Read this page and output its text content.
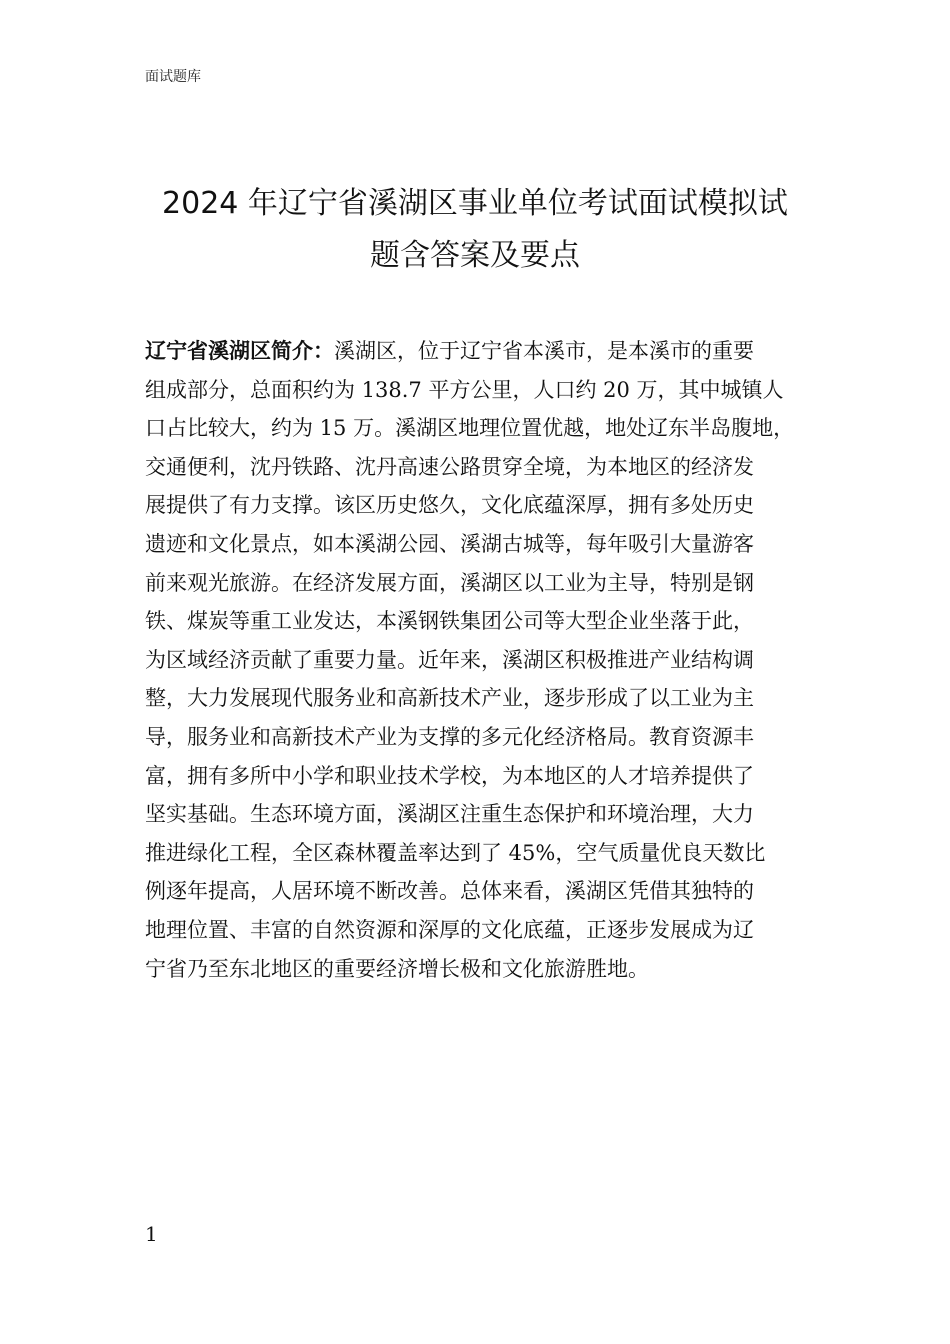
面试题库
2024 年辽宁省溪湖区事业单位考试面试模拟试
题含答案及要点
辽宁省溪湖区简介：溪湖区，位于辽宁省本溪市，是本溪市的重要
组成部分，总面积约为 138.7 平方公里，人口约 20 万，其中城镇人
口占比较大，约为 15 万。溪湖区地理位置优越，地处辽东半岛腹地，
交通便利，沈丹铁路、沈丹高速公路贯穿全境，为本地区的经济发
展提供了有力支撑。该区历史悠久，文化底蕴深厚，拥有多处历史
遗迹和文化景点，如本溪湖公园、溪湖古城等，每年吸引大量游客
前来观光旅游。在经济发展方面，溪湖区以工业为主导，特别是钢
铁、煤炭等重工业发达，本溪钢铁集团公司等大型企业坐落于此，
为区域经济贡献了重要力量。近年来，溪湖区积极推进产业结构调
整，大力发展现代服务业和高新技术产业，逐步形成了以工业为主
导，服务业和高新技术产业为支撑的多元化经济格局。教育资源丰
富，拥有多所中小学和职业技术学校，为本地区的人才培养提供了
坚实基础。生态环境方面，溪湖区注重生态保护和环境治理，大力
推进绿化工程，全区森林覆盖率达到了 45%，空气质量优良天数比
例逐年提高，人居环境不断改善。总体来看，溪湖区凭借其独特的
地理位置、丰富的自然资源和深厚的文化底蕴，正逐步发展成为辽
宁省乃至东北地区的重要经济增长极和文化旅游胜地。
1
